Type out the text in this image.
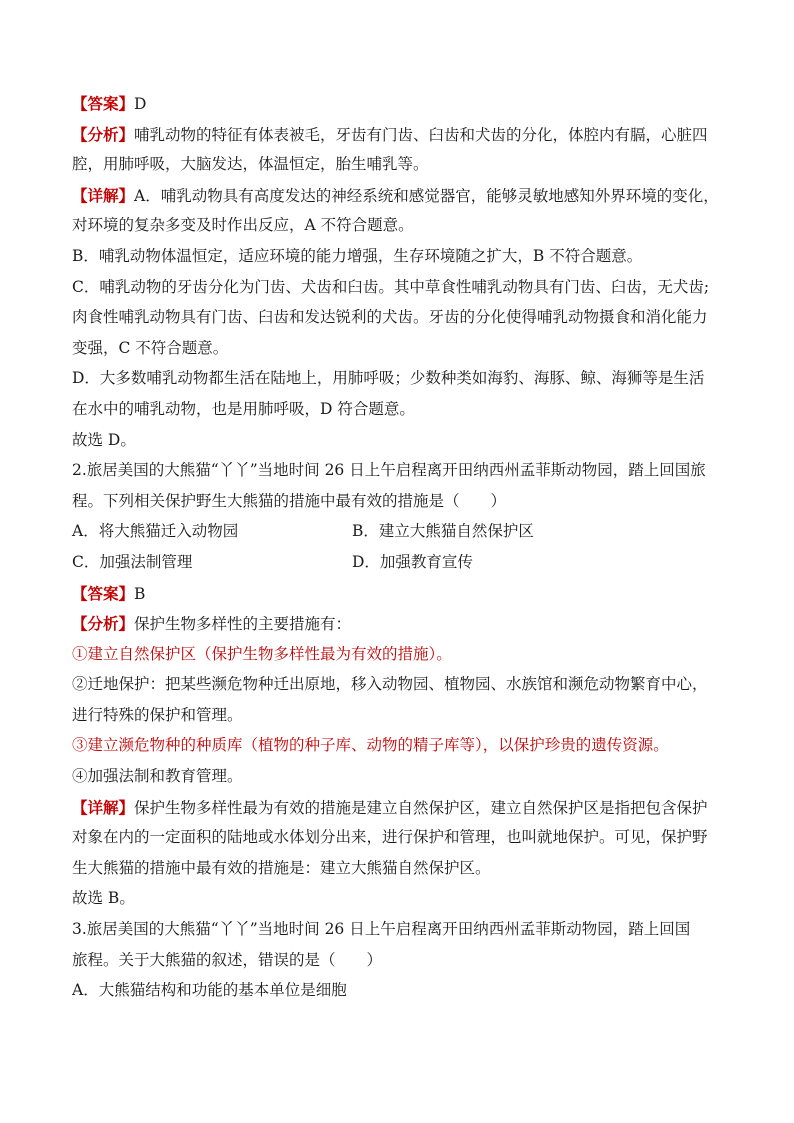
【答案】D
【分析】哺乳动物的特征有体表被毛，牙齿有门齿、臼齿和犬齿的分化，体腔内有膈，心脏四
腔，用肺呼吸，大脑发达，体温恒定，胎生哺乳等。
【详解】A．哺乳动物具有高度发达的神经系统和感觉器官，能够灵敏地感知外界环境的变化，
对环境的复杂多变及时作出反应，A 不符合题意。
B．哺乳动物体温恒定，适应环境的能力增强，生存环境随之扩大，B 不符合题意。
C．哺乳动物的牙齿分化为门齿、犬齿和臼齿。其中草食性哺乳动物具有门齿、臼齿，无犬齿;
肉食性哺乳动物具有门齿、臼齿和发达锐利的犬齿。牙齿的分化使得哺乳动物摄食和消化能力
变强，C 不符合题意。
D．大多数哺乳动物都生活在陆地上，用肺呼吸；少数种类如海豹、海豚、鲸、海狮等是生活
在水中的哺乳动物，也是用肺呼吸，D 符合题意。
故选 D。
2.旅居美国的大熊猫“丫丫”当地时间 26 日上午启程离开田纳西州孟菲斯动物园，踏上回国旅
程。下列相关保护野生大熊猫的措施中最有效的措施是（　　）
A．将大熊猫迁入动物园	B．建立大熊猫自然保护区
C．加强法制管理	D．加强教育宣传
【答案】B
【分析】保护生物多样性的主要措施有：
①建立自然保护区（保护生物多样性最为有效的措施）。
②迁地保护：把某些濒危物种迁出原地，移入动物园、植物园、水族馆和濒危动物繁育中心，
进行特殊的保护和管理。
③建立濒危物种的种质库（植物的种子库、动物的精子库等），以保护珍贵的遗传资源。
④加强法制和教育管理。
【详解】保护生物多样性最为有效的措施是建立自然保护区，建立自然保护区是指把包含保护
对象在内的一定面积的陆地或水体划分出来，进行保护和管理，也叫就地保护。可见，保护野
生大熊猫的措施中最有效的措施是：建立大熊猫自然保护区。
故选 B。
3.旅居美国的大熊猫“丫丫”当地时间 26 日上午启程离开田纳西州孟菲斯动物园，踏上回国
旅程。关于大熊猫的叙述，错误的是（　　）
A．大熊猫结构和功能的基本单位是细胞
